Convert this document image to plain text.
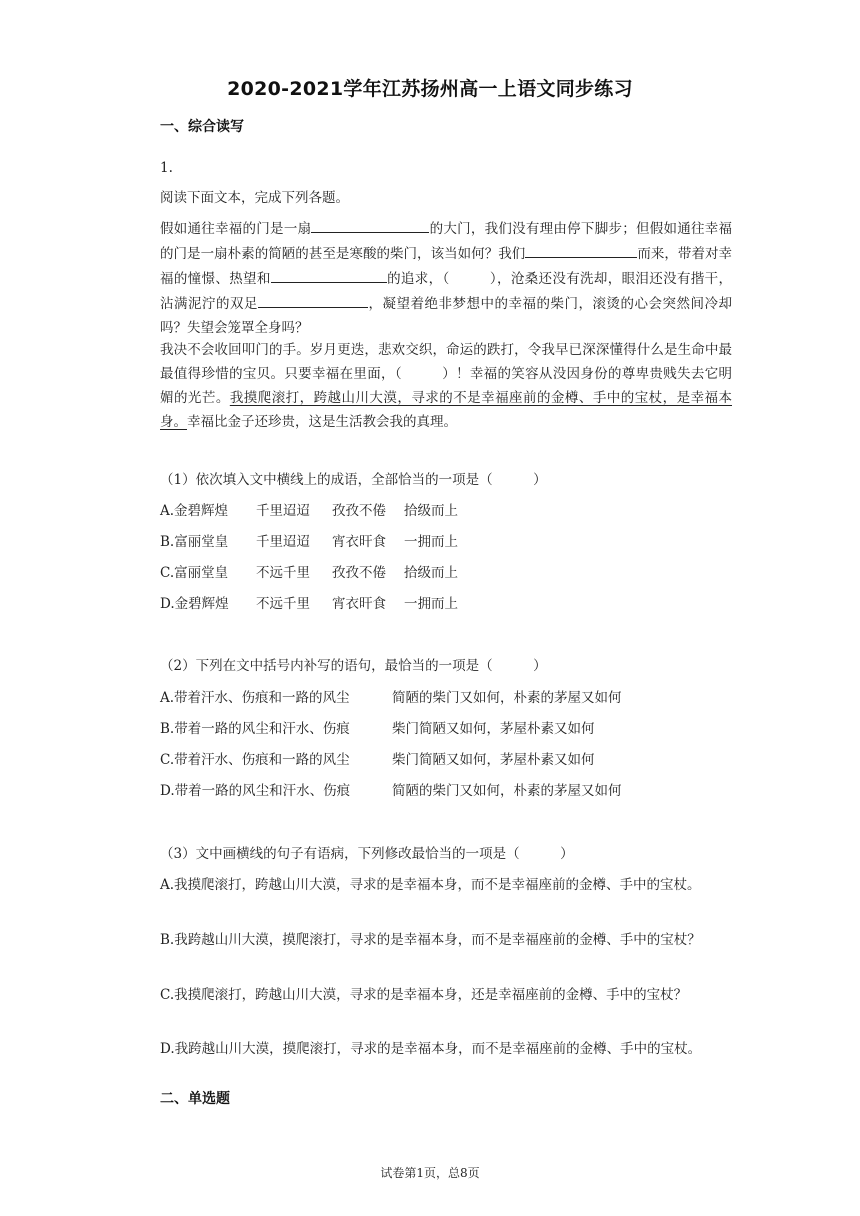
2020-2021学年江苏扬州高一上语文同步练习
一、综合读写
1.
阅读下面文本，完成下列各题。
假如通往幸福的门是一扇	的大门，我们没有理由停下脚步；但假如通往幸福的门是一扇朴素的简陋的甚至是寒酸的柴门，该当如何？我们	而来，带着对幸福的憧憬、热望和	的追求，（	），沧桑还没有洗却，眼泪还没有揩干，沾满泥泞的双足	，凝望着绝非梦想中的幸福的柴门，滚烫的心会突然间冷却吗？失望会笼罩全身吗？
我决不会收回叩门的手。岁月更迭，悲欢交织，命运的跌打，令我早已深深懂得什么是生命中最最值得珍惜的宝贝。只要幸福在里面，（	）！幸福的笑容从没因身份的尊卑贵贱失去它明媚的光芒。我摸爬滚打，跨越山川大漠，寻求的不是幸福座前的金樽、手中的宝杖，是幸福本身。幸福比金子还珍贵，这是生活教会我的真理。
（1）依次填入文中横线上的成语，全部恰当的一项是（　　　）
A.金碧辉煌 千里迢迢 孜孜不倦 拾级而上
B.富丽堂皇 千里迢迢 宵衣旰食 一拥而上
C.富丽堂皇 不远千里 孜孜不倦 拾级而上
D.金碧辉煌 不远千里 宵衣旰食 一拥而上
（2）下列在文中括号内补写的语句，最恰当的一项是（　　　）
A.带着汗水、伤痕和一路的风尘	简陋的柴门又如何，朴素的茅屋又如何
B.带着一路的风尘和汗水、伤痕	柴门简陋又如何，茅屋朴素又如何
C.带着汗水、伤痕和一路的风尘	柴门简陋又如何，茅屋朴素又如何
D.带着一路的风尘和汗水、伤痕	简陋的柴门又如何，朴素的茅屋又如何
（3）文中画横线的句子有语病，下列修改最恰当的一项是（　　　）
A.我摸爬滚打，跨越山川大漠，寻求的是幸福本身，而不是幸福座前的金樽、手中的宝杖。
B.我跨越山川大漠，摸爬滚打，寻求的是幸福本身，而不是幸福座前的金樽、手中的宝杖？
C.我摸爬滚打，跨越山川大漠，寻求的是幸福本身，还是幸福座前的金樽、手中的宝杖？
D.我跨越山川大漠，摸爬滚打，寻求的是幸福本身，而不是幸福座前的金樽、手中的宝杖。
二、单选题
试卷第1页，总8页
